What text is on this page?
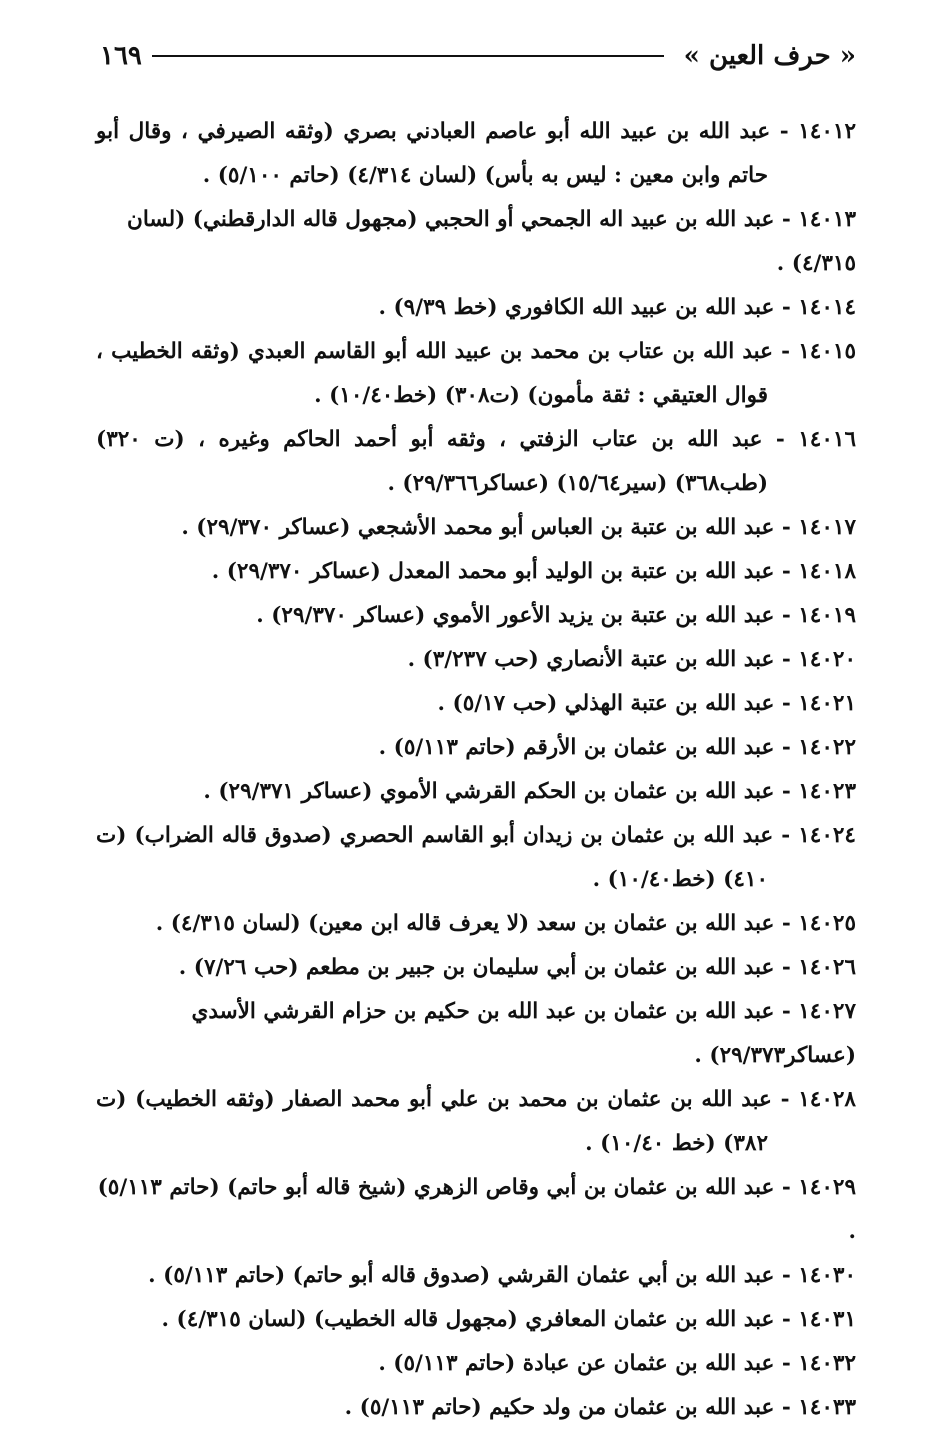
« حرف العين »
١٦٩
١٤٠١٢ - عبد الله بن عبيد الله أبو عاصم العبادني بصري (وثقه الصيرفي ، وقال أبو حاتم وابن معين : ليس به بأس) (لسان ٤/٣١٤) (حاتم ٥/١٠٠) .
١٤٠١٣ - عبد الله بن عبيد اله الجمحي أو الحجبي (مجهول قاله الدارقطني) (لسان ٤/٣١٥) .
١٤٠١٤ - عبد الله بن عبيد الله الكافوري (خط ٩/٣٩) .
١٤٠١٥ - عبد الله بن عتاب بن محمد بن عبيد الله أبو القاسم العبدي (وثقه الخطيب ، قوال العتيقي : ثقة مأمون) (ت٣٠٨) (خط١٠/٤٠) .
١٤٠١٦ - عبد الله بن عتاب الزفتي ، وثقه أبو أحمد الحاكم وغيره ، (ت ٣٢٠) (طب٣٦٨) (سير١٥/٦٤) (عساكر٢٩/٣٦٦) .
١٤٠١٧ - عبد الله بن عتبة بن العباس أبو محمد الأشجعي (عساكر ٢٩/٣٧٠) .
١٤٠١٨ - عبد الله بن عتبة بن الوليد أبو محمد المعدل (عساكر ٢٩/٣٧٠) .
١٤٠١٩ - عبد الله بن عتبة بن يزيد الأعور الأموي (عساكر ٢٩/٣٧٠) .
١٤٠٢٠ - عبد الله بن عتبة الأنصاري (حب ٣/٢٣٧) .
١٤٠٢١ - عبد الله بن عتبة الهذلي (حب ٥/١٧) .
١٤٠٢٢ - عبد الله بن عثمان بن الأرقم (حاتم ٥/١١٣) .
١٤٠٢٣ - عبد الله بن عثمان بن الحكم القرشي الأموي (عساكر ٢٩/٣٧١) .
١٤٠٢٤ - عبد الله بن عثمان بن زيدان أبو القاسم الحصري (صدوق قاله الضراب) (ت ٤١٠) (خط١٠/٤٠) .
١٤٠٢٥ - عبد الله بن عثمان بن سعد (لا يعرف قاله ابن معين) (لسان ٤/٣١٥) .
١٤٠٢٦ - عبد الله بن عثمان بن أبي سليمان بن جبير بن مطعم (حب ٧/٢٦) .
١٤٠٢٧ - عبد الله بن عثمان بن عبد الله بن حكيم بن حزام القرشي الأسدي (عساكر٢٩/٣٧٣) .
١٤٠٢٨ - عبد الله بن عثمان بن محمد بن علي أبو محمد الصفار (وثقه الخطيب) (ت ٣٨٢) (خط ١٠/٤٠) .
١٤٠٢٩ - عبد الله بن عثمان بن أبي وقاص الزهري (شيخ قاله أبو حاتم) (حاتم ٥/١١٣) .
١٤٠٣٠ - عبد الله بن أبي عثمان القرشي (صدوق قاله أبو حاتم) (حاتم ٥/١١٣) .
١٤٠٣١ - عبد الله بن عثمان المعافري (مجهول قاله الخطيب) (لسان ٤/٣١٥) .
١٤٠٣٢ - عبد الله بن عثمان عن عبادة (حاتم ٥/١١٣) .
١٤٠٣٣ - عبد الله بن عثمان من ولد حكيم (حاتم ٥/١١٣) .
